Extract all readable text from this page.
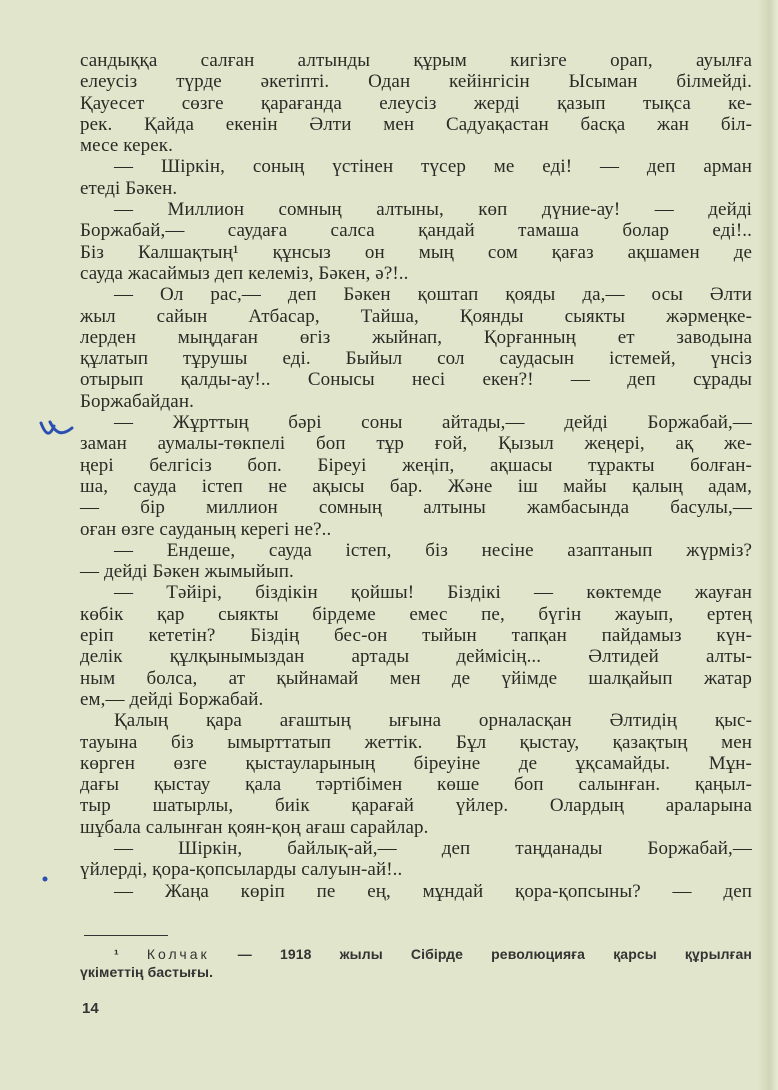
сандыққа салған алтынды құрым кигізге орап, ауылға
елеусіз түрде әкетіпті. Одан кейінгісін Ысыман білмейді.
Қауесет сөзге қарағанда елеусіз жерді қазып тықса ке-
рек. Қайда екенін Әлти мен Садуақастан басқа жан біл-
месе керек.
— Шіркін, соның үстінен түсер ме еді! — деп арман
етеді Бәкен.
— Миллион сомның алтыны, көп дүние-ау! — дейді
Боржабай,— саудаға салса қандай тамаша болар еді!..
Біз Калшақтың¹ құнсыз он мың сом қағаз ақшамен де
сауда жасаймыз деп келеміз, Бәкен, ә?!..
— Ол рас,— деп Бәкен қоштап қояды да,— осы Әлти
жыл сайын Атбасар, Тайша, Қоянды сыякты жәрмеңке-
лерден мыңдаған өгіз жыйнап, Қорғанның ет заводына
құлатып тұрушы еді. Быйыл сол саудасын істемей, үнсіз
отырып қалды-ау!.. Сонысы несі екен?! — деп сұрады
Боржабайдан.
— Жұрттың бәрі соны айтады,— дейді Боржабай,—
заман аумалы-төкпелі боп тұр ғой, Қызыл жеңері, ақ же-
ңері белгісіз боп. Біреуі жеңіп, ақшасы тұракты болған-
ша, сауда істеп не ақысы бар. Және іш майы қалың адам,
— бір миллион сомның алтыны жамбасында басулы,—
оған өзге сауданың керегі не?..
— Ендеше, сауда істеп, біз несіне азаптанып жүрміз?
— дейді Бәкен жымыйып.
— Тәйірі, біздікін қойшы! Біздікі — көктемде жауған
көбік қар сыякты бірдеме емес пе, бүгін жауып, ертең
еріп кететін? Біздің бес-он тыйын тапқан пайдамыз күн-
делік құлқынымыздан артады деймісің... Әлтидей алты-
ным болса, ат қыйнамай мен де үйімде шалқайып жатар
ем,— дейді Боржабай.
Қалың қара ағаштың ығына орналасқан Әлтидің қыс-
тауына біз ымырттатып жеттік. Бұл қыстау, қазақтың мен
көрген өзге қыстауларының біреуіне де ұқсамайды. Мұн-
дағы қыстау қала тәртібімен көше боп салынған. қаңыл-
тыр шатырлы, биік қарағай үйлер. Олардың араларына
шұбала салынған қоян-қоң ағаш сарайлар.
— Шіркін, байлық-ай,— деп таңданады Боржабай,—
үйлерді, қора-қопсыларды салуын-ай!..
— Жаңа көріп пе ең, мұндай қора-қопсыны? — деп
¹ Колчак — 1918 жылы Сібірде революцияға қарсы құрылған
үкіметтің бастығы.
14
